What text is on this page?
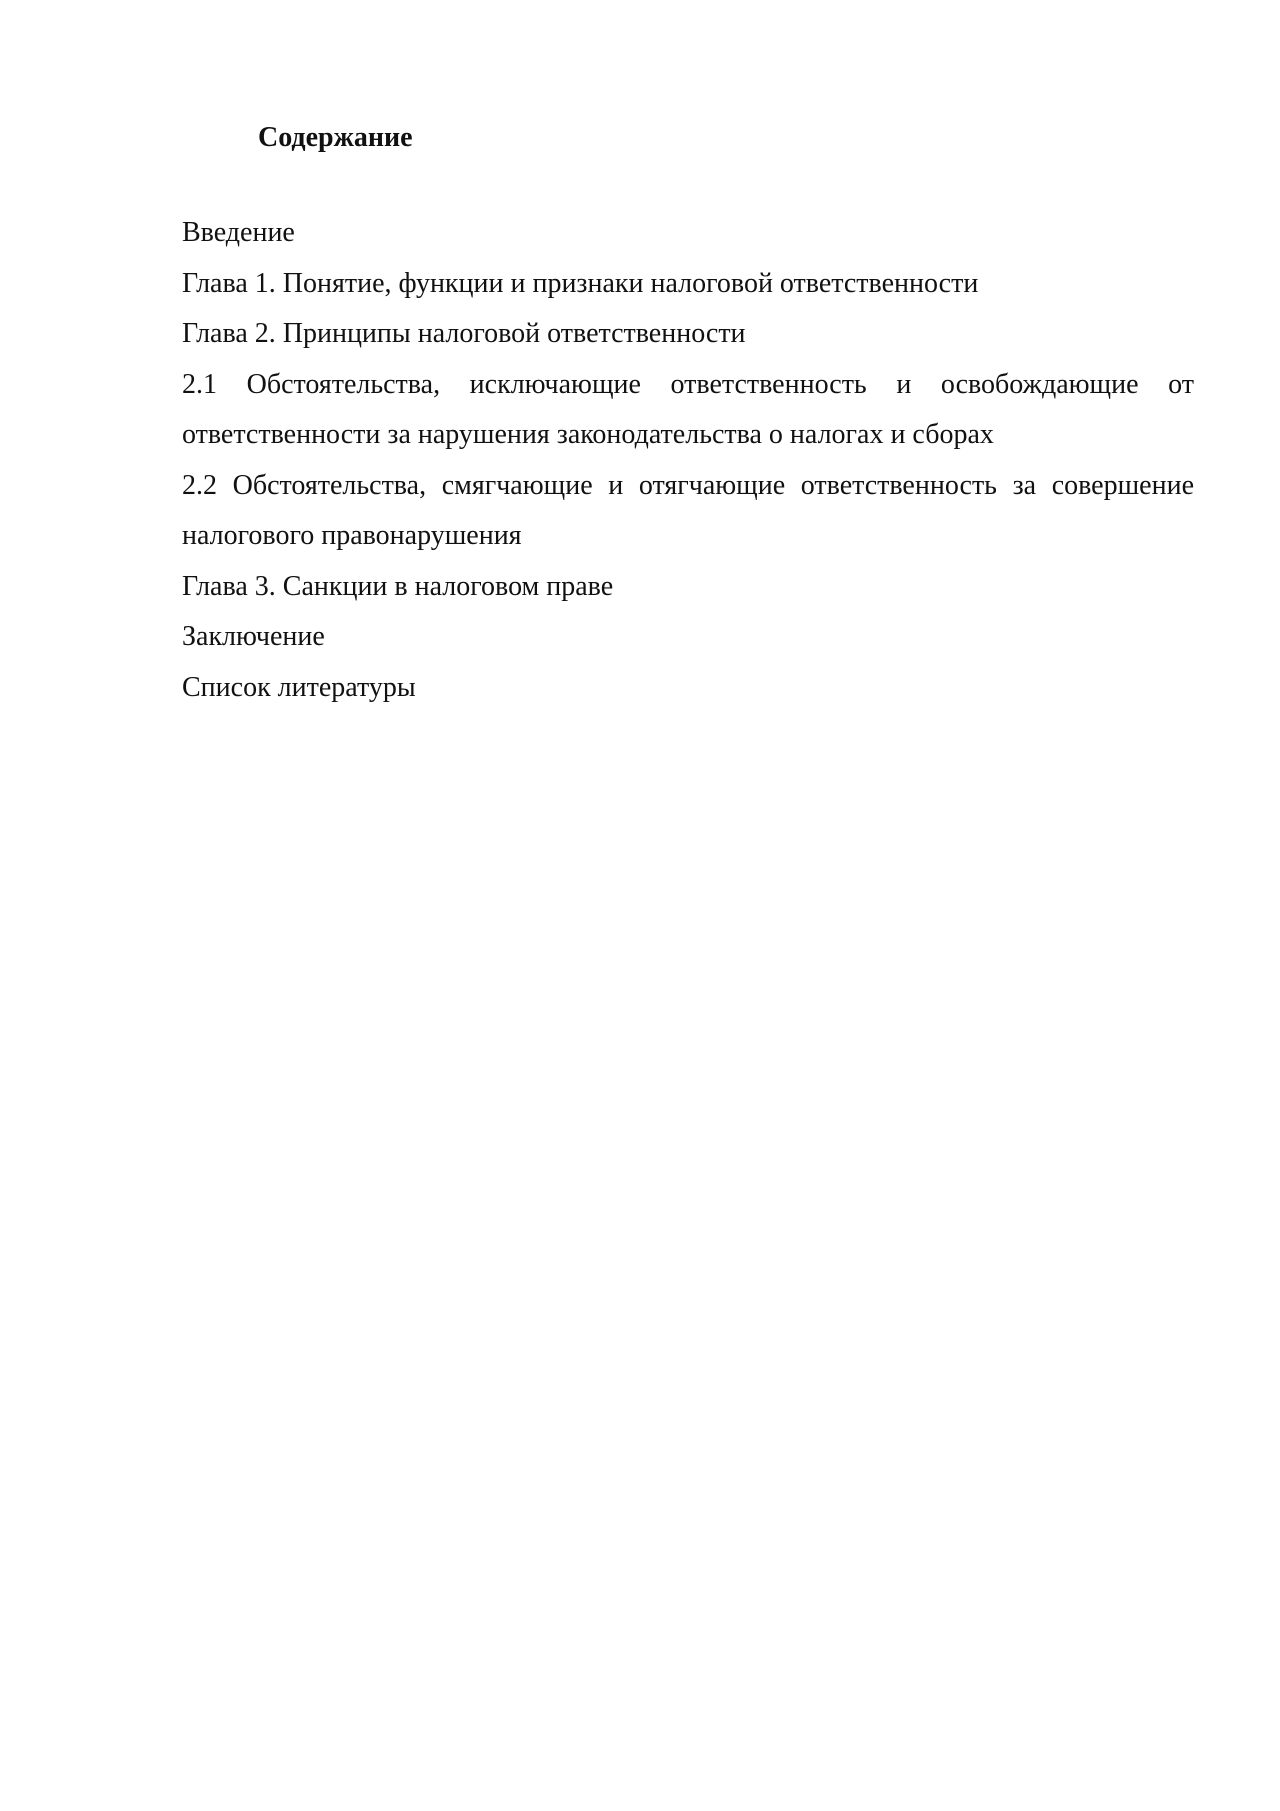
Содержание
Введение
Глава 1. Понятие, функции и признаки налоговой ответственности
Глава 2. Принципы налоговой ответственности
2.1 Обстоятельства, исключающие ответственность и освобождающие от ответственности за нарушения законодательства о налогах и сборах
2.2 Обстоятельства, смягчающие и отягчающие ответственность за совершение налогового правонарушения
Глава 3. Санкции в налоговом праве
Заключение
Список литературы
